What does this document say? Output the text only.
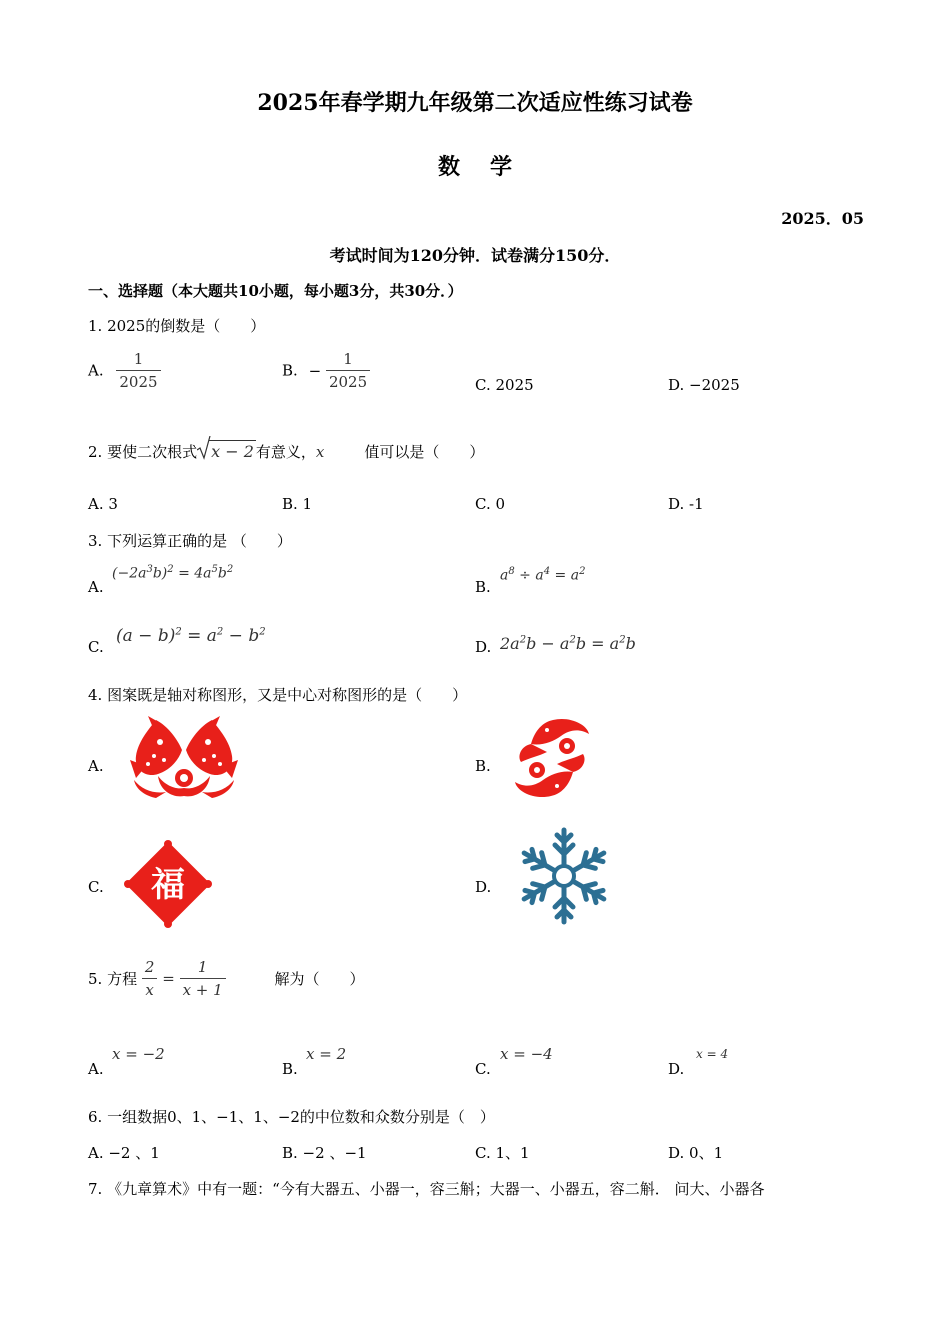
2025年春学期九年级第二次适应性练习试卷
数学
2025．05
考试时间为120分钟．试卷满分150分．
一、选择题（本大题共10小题，每小题3分，共30分．）
1. 2025的倒数是（　　）
A. $\frac{1}{2025}$	B. − $\frac{1}{2025}$	C. 2025	D. −2025
2. 要使二次根式 x − 2 有意义，x	值可以是（　　）
A. 3	B. 1	C. 0	D. -1
3. 下列运算正确的是 （　　）
A.
$(-2a^3b)^2 = 4a^5b^2$
B.
$a^8 \div a^4 = a^2$
C.
$(a - b)^2 = a^2 - b^2$
D. $2a^2b - a^2b = a^2b$
4. 图案既是轴对称图形，又是中心对称图形的是（　　）
A.	B.
C. 福	D.
5. 方程 $\frac{2}{x} = \frac{1}{x + 1}$	解为（　　）
A.
x = −2
B.
x = 2
C.
x = −4
D.
x = 4
6. 一组数据0、1、−1、1、−2的中位数和众数分别是（　）
A. −2 、1	B. −2 、−1	C. 1、1	D. 0、1
7. 《九章算术》中有一题：“今有大器五、小器一，容三斛；大器一、小器五，容二斛． 问大、小器各
